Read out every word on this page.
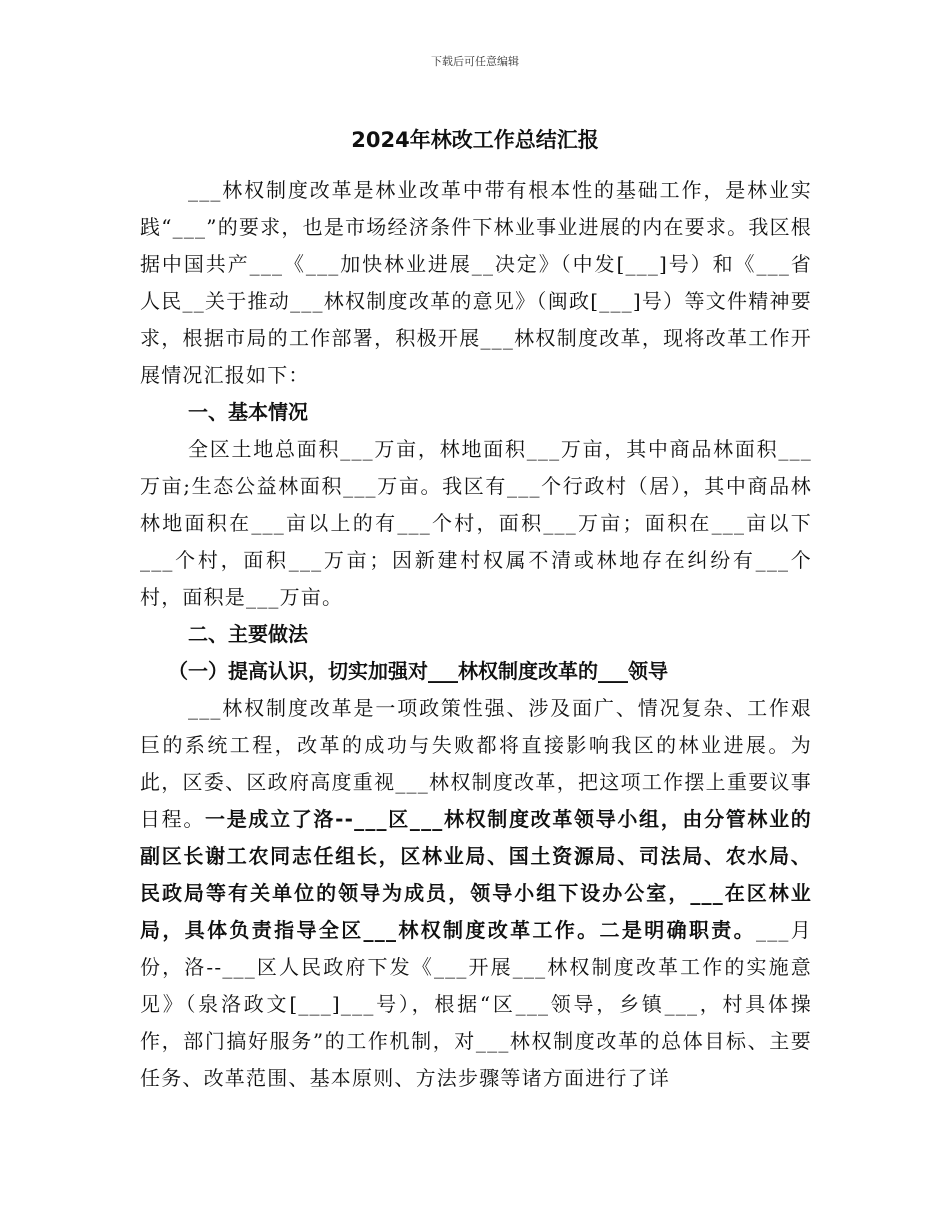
下载后可任意编辑
2024年林改工作总结汇报

___林权制度改革是林业改革中带有根本性的基础工作，是林业实践“___”的要求，也是市场经济条件下林业事业进展的内在要求。我区根据中国共产___《___加快林业进展__决定》（中发[___]号）和《___省人民__关于推动___林权制度改革的意见》（闽政[___]号）等文件精神要求，根据市局的工作部署，积极开展___林权制度改革，现将改革工作开展情况汇报如下：

一、基本情况

全区土地总面积___万亩，林地面积___万亩，其中商品林面积___万亩;生态公益林面积___万亩。我区有___个行政村（居），其中商品林林地面积在___亩以上的有___个村，面积___万亩；面积在___亩以下___个村，面积___万亩；因新建村权属不清或林地存在纠纷有___个村，面积是___万亩。

二、主要做法

（一）提高认识，切实加强对___林权制度改革的___领导

___林权制度改革是一项政策性强、涉及面广、情况复杂、工作艰巨的系统工程，改革的成功与失败都将直接影响我区的林业进展。为此，区委、区政府高度重视___林权制度改革，把这项工作摆上重要议事日程。一是成立了洛--___区___林权制度改革领导小组，由分管林业的副区长谢工农同志任组长，区林业局、国土资源局、司法局、农水局、民政局等有关单位的领导为成员，领导小组下设办公室，___在区林业局，具体负责指导全区___林权制度改革工作。二是明确职责。___月份，洛--___区人民政府下发《___开展___林权制度改革工作的实施意见》（泉洛政文[___]___号），根据“区___领导，乡镇___，村具体操作，部门搞好服务”的工作机制，对___林权制度改革的总体目标、主要任务、改革范围、基本原则、方法步骤等诸方面进行了详
